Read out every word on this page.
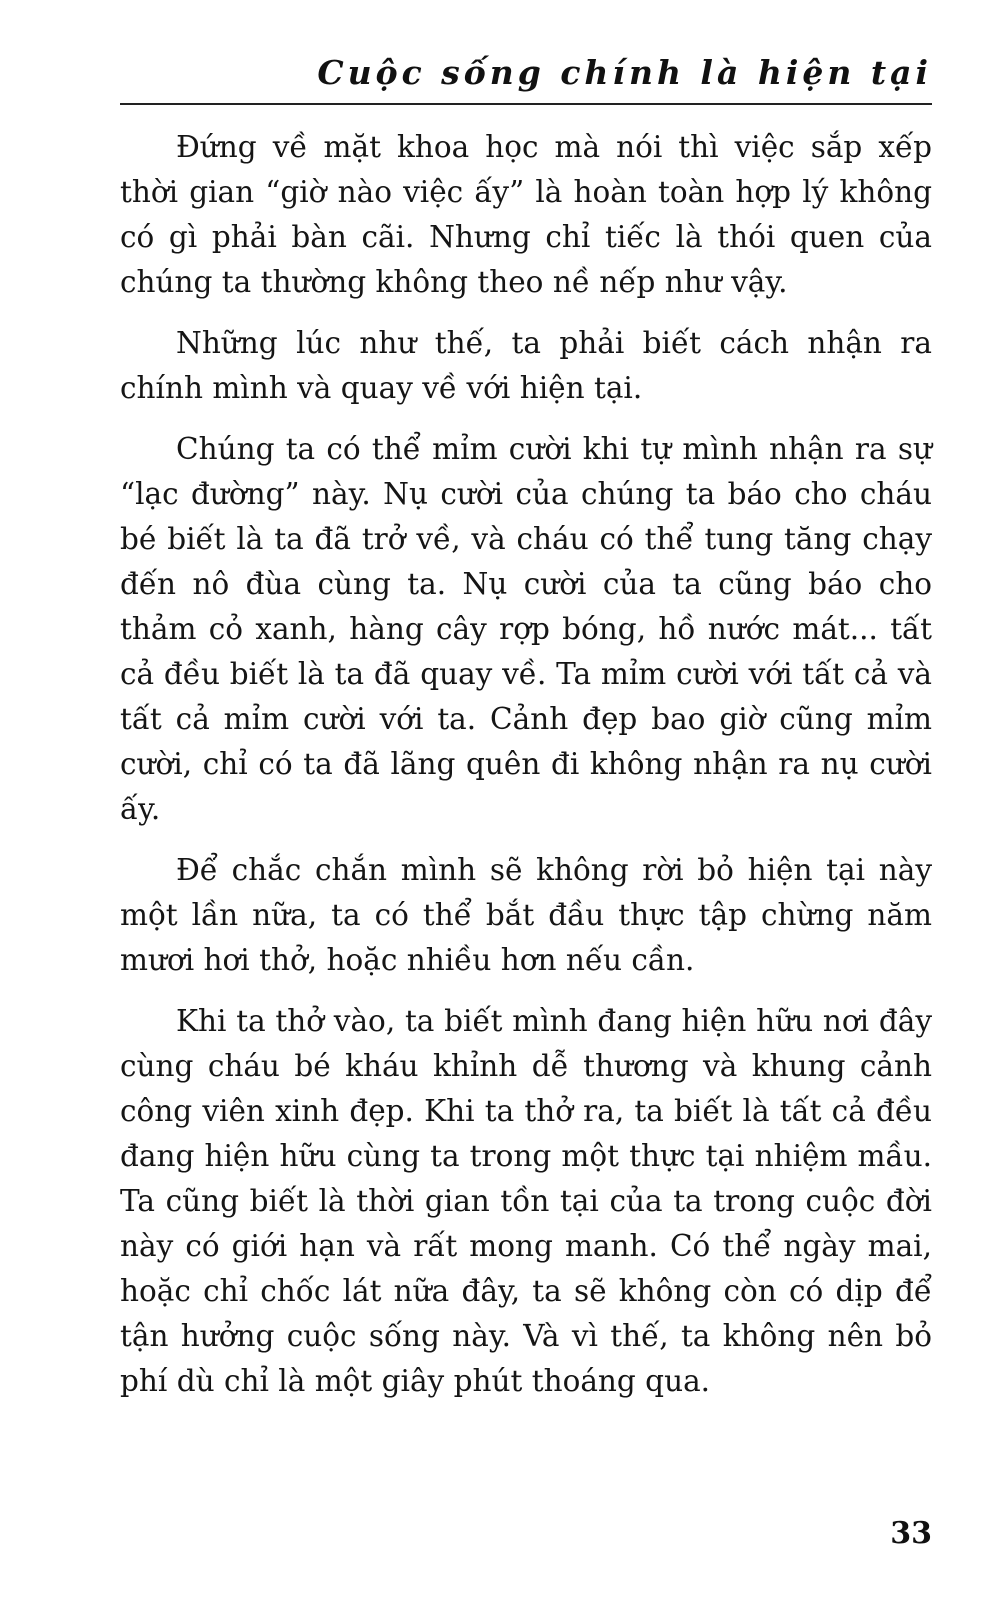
Cuộc sống chính là hiện tại

Đứng về mặt khoa học mà nói thì việc sắp xếp thời gian “giờ nào việc ấy” là hoàn toàn hợp lý không có gì phải bàn cãi. Nhưng chỉ tiếc là thói quen của chúng ta thường không theo nề nếp như vậy.

Những lúc như thế, ta phải biết cách nhận ra chính mình và quay về với hiện tại.

Chúng ta có thể mỉm cười khi tự mình nhận ra sự “lạc đường” này. Nụ cười của chúng ta báo cho cháu bé biết là ta đã trở về, và cháu có thể tung tăng chạy đến nô đùa cùng ta. Nụ cười của ta cũng báo cho thảm cỏ xanh, hàng cây rợp bóng, hồ nước mát... tất cả đều biết là ta đã quay về. Ta mỉm cười với tất cả và tất cả mỉm cười với ta. Cảnh đẹp bao giờ cũng mỉm cười, chỉ có ta đã lãng quên đi không nhận ra nụ cười ấy.

Để chắc chắn mình sẽ không rời bỏ hiện tại này một lần nữa, ta có thể bắt đầu thực tập chừng năm mươi hơi thở, hoặc nhiều hơn nếu cần.

Khi ta thở vào, ta biết mình đang hiện hữu nơi đây cùng cháu bé kháu khỉnh dễ thương và khung cảnh công viên xinh đẹp. Khi ta thở ra, ta biết là tất cả đều đang hiện hữu cùng ta trong một thực tại nhiệm mầu. Ta cũng biết là thời gian tồn tại của ta trong cuộc đời này có giới hạn và rất mong manh. Có thể ngày mai, hoặc chỉ chốc lát nữa đây, ta sẽ không còn có dịp để tận hưởng cuộc sống này. Và vì thế, ta không nên bỏ phí dù chỉ là một giây phút thoáng qua.

33
